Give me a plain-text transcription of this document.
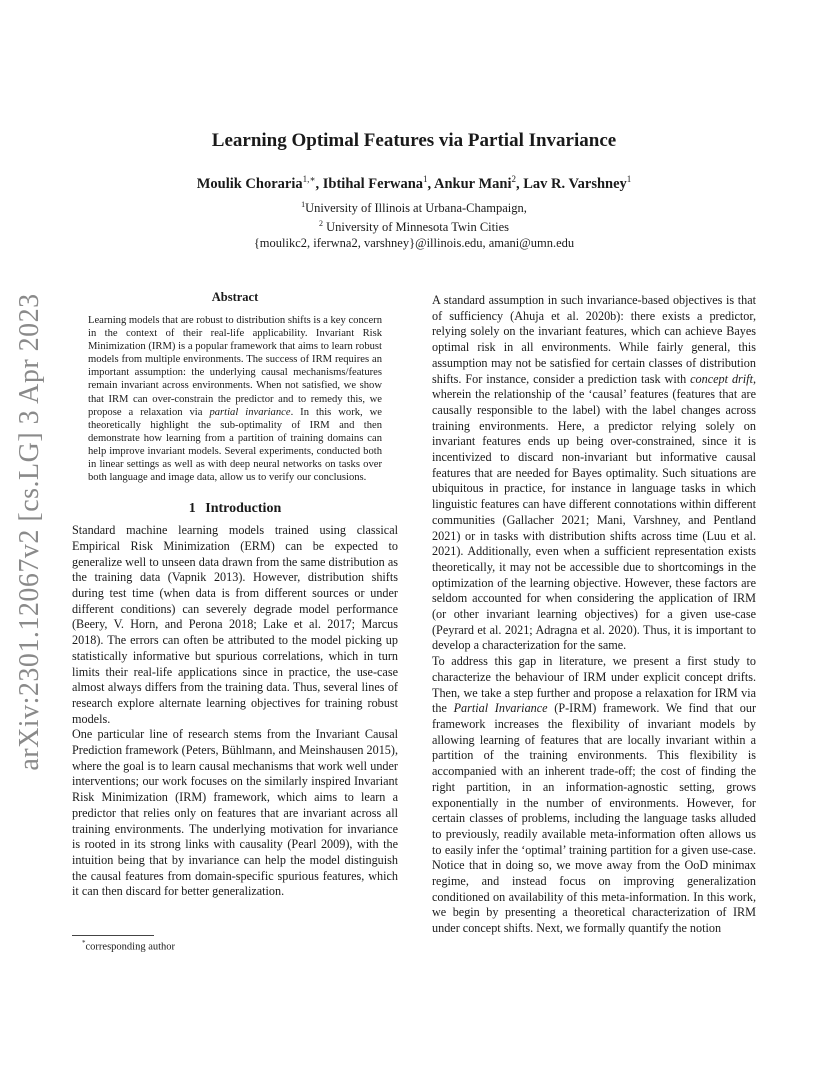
arXiv:2301.12067v2 [cs.LG] 3 Apr 2023
Learning Optimal Features via Partial Invariance
Moulik Choraria$^{1,∗}$, Ibtihal Ferwana$^1$, Ankur Mani$^2$, Lav R. Varshney$^1$
$^1$University of Illinois at Urbana-Champaign,
$^2$ University of Minnesota Twin Cities
{moulikc2, iferwna2, varshney}@illinois.edu, amani@umn.edu
Abstract
Learning models that are robust to distribution shifts is a key concern in the context of their real-life applicability. Invariant Risk Minimization (IRM) is a popular framework that aims to learn robust models from multiple environments. The success of IRM requires an important assumption: the underlying causal mechanisms/features remain invariant across environments. When not satisfied, we show that IRM can over-constrain the predictor and to remedy this, we propose a relaxation via partial invariance. In this work, we theoretically highlight the sub-optimality of IRM and then demonstrate how learning from a partition of training domains can help improve invariant models. Several experiments, conducted both in linear settings as well as with deep neural networks on tasks over both language and image data, allow us to verify our conclusions.
1 Introduction

Standard machine learning models trained using classical Empirical Risk Minimization (ERM) can be expected to generalize well to unseen data drawn from the same distribution as the training data (Vapnik 2013). However, distribution shifts during test time (when data is from different sources or under different conditions) can severely degrade model performance (Beery, V. Horn, and Perona 2018; Lake et al. 2017; Marcus 2018). The errors can often be attributed to the model picking up statistically informative but spurious correlations, which in turn limits their real-life applications since in practice, the use-case almost always differs from the training data. Thus, several lines of research explore alternate learning objectives for training robust models.

One particular line of research stems from the Invariant Causal Prediction framework (Peters, Bühlmann, and Meinshausen 2015), where the goal is to learn causal mechanisms that work well under interventions; our work focuses on the similarly inspired Invariant Risk Minimization (IRM) framework, which aims to learn a predictor that relies only on features that are invariant across all training environments. The underlying motivation for invariance is rooted in its strong links with causality (Pearl 2009), with the intuition being that by invariance can help the model distinguish the causal features from domain-specific spurious features, which it can then discard for better generalization.

A standard assumption in such invariance-based objectives is that of sufficiency (Ahuja et al. 2020b): there exists a predictor, relying solely on the invariant features, which can achieve Bayes optimal risk in all environments. While fairly general, this assumption may not be satisfied for certain classes of distribution shifts. For instance, consider a prediction task with concept drift, wherein the relationship of the ‘causal’ features (features that are causally responsible to the label) with the label changes across training environments. Here, a predictor relying solely on invariant features ends up being over-constrained, since it is incentivized to discard non-invariant but informative causal features that are needed for Bayes optimality. Such situations are ubiquitous in practice, for instance in language tasks in which linguistic features can have different connotations within different communities (Gallacher 2021; Mani, Varshney, and Pentland 2021) or in tasks with distribution shifts across time (Luu et al. 2021). Additionally, even when a sufficient representation exists theoretically, it may not be accessible due to shortcomings in the optimization of the learning objective. However, these factors are seldom accounted for when considering the application of IRM (or other invariant learning objectives) for a given use-case (Peyrard et al. 2021; Adragna et al. 2020). Thus, it is important to develop a characterization for the same.

To address this gap in literature, we present a first study to characterize the behaviour of IRM under explicit concept drifts. Then, we take a step further and propose a relaxation for IRM via the Partial Invariance (P-IRM) framework. We find that our framework increases the flexibility of invariant models by allowing learning of features that are locally invariant within a partition of the training environments. This flexibility is accompanied with an inherent trade-off; the cost of finding the right partition, in an information-agnostic setting, grows exponentially in the number of environments. However, for certain classes of problems, including the language tasks alluded to previously, readily available meta-information often allows us to easily infer the ‘optimal’ training partition for a given use-case. Notice that in doing so, we move away from the OoD minimax regime, and instead focus on improving generalization conditioned on availability of this meta-information. In this work, we begin by presenting a theoretical characterization of IRM under concept shifts. Next, we formally quantify the notion

*corresponding author
